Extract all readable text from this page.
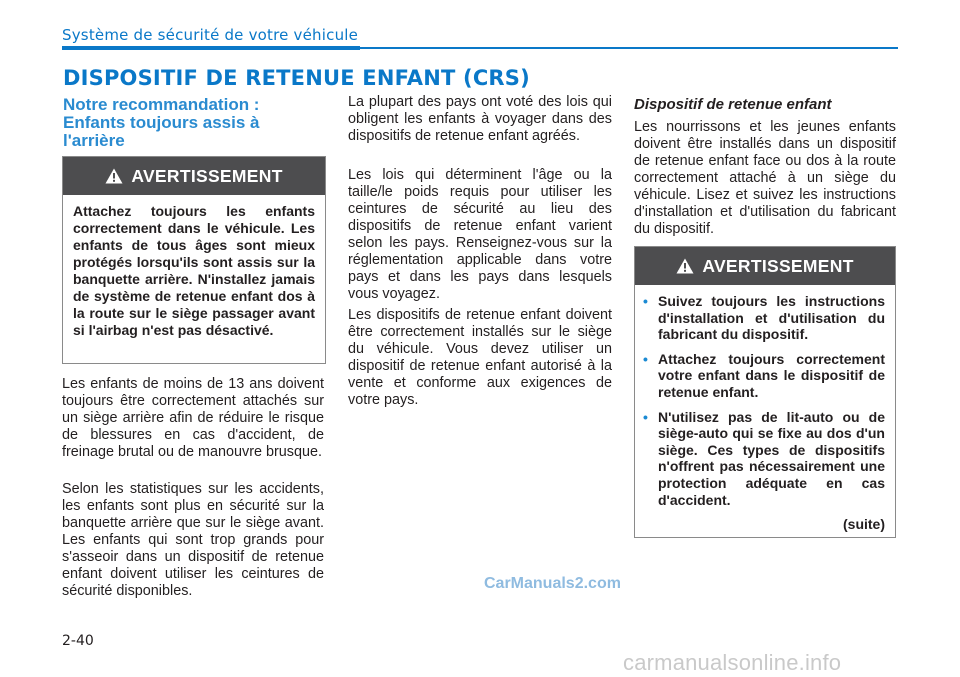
Système de sécurité de votre véhicule
DISPOSITIF DE RETENUE ENFANT (CRS)
Notre recommandation : Enfants toujours assis à l'arrière
AVERTISSEMENT

Attachez toujours les enfants correctement dans le véhicule. Les enfants de tous âges sont mieux protégés lorsqu'ils sont assis sur la banquette arrière. N'installez jamais de système de retenue enfant dos à la route sur le siège passager avant si l'airbag n'est pas désactivé.

Les enfants de moins de 13 ans doivent toujours être correctement attachés sur un siège arrière afin de réduire le risque de blessures en cas d'accident, de freinage brutal ou de manouvre brusque.

Selon les statistiques sur les accidents, les enfants sont plus en sécurité sur la banquette arrière que sur le siège avant. Les enfants qui sont trop grands pour s'asseoir dans un dispositif de retenue enfant doivent utiliser les ceintures de sécurité disponibles.

La plupart des pays ont voté des lois qui obligent les enfants à voyager dans des dispositifs de retenue enfant agréés.

Les lois qui déterminent l'âge ou la taille/le poids requis pour utiliser les ceintures de sécurité au lieu des dispositifs de retenue enfant varient selon les pays. Renseignez-vous sur la réglementation applicable dans votre pays et dans les pays dans lesquels vous voyagez.

Les dispositifs de retenue enfant doivent être correctement installés sur le siège du véhicule. Vous devez utiliser un dispositif de retenue enfant autorisé à la vente et conforme aux exigences de votre pays.

Dispositif de retenue enfant

Les nourrissons et les jeunes enfants doivent être installés dans un dispositif de retenue enfant face ou dos à la route correctement attaché à un siège du véhicule. Lisez et suivez les instructions d'installation et d'utilisation du fabricant du dispositif.

AVERTISSEMENT

• Suivez toujours les instructions d'installation et d'utilisation du fabricant du dispositif.

• Attachez toujours correctement votre enfant dans le dispositif de retenue enfant.

• N'utilisez pas de lit-auto ou de siège-auto qui se fixe au dos d'un siège. Ces types de dispositifs n'offrent pas nécessairement une protection adéquate en cas d'accident.

(suite)
CarManuals2.com
2-40
carmanualsonline.info
